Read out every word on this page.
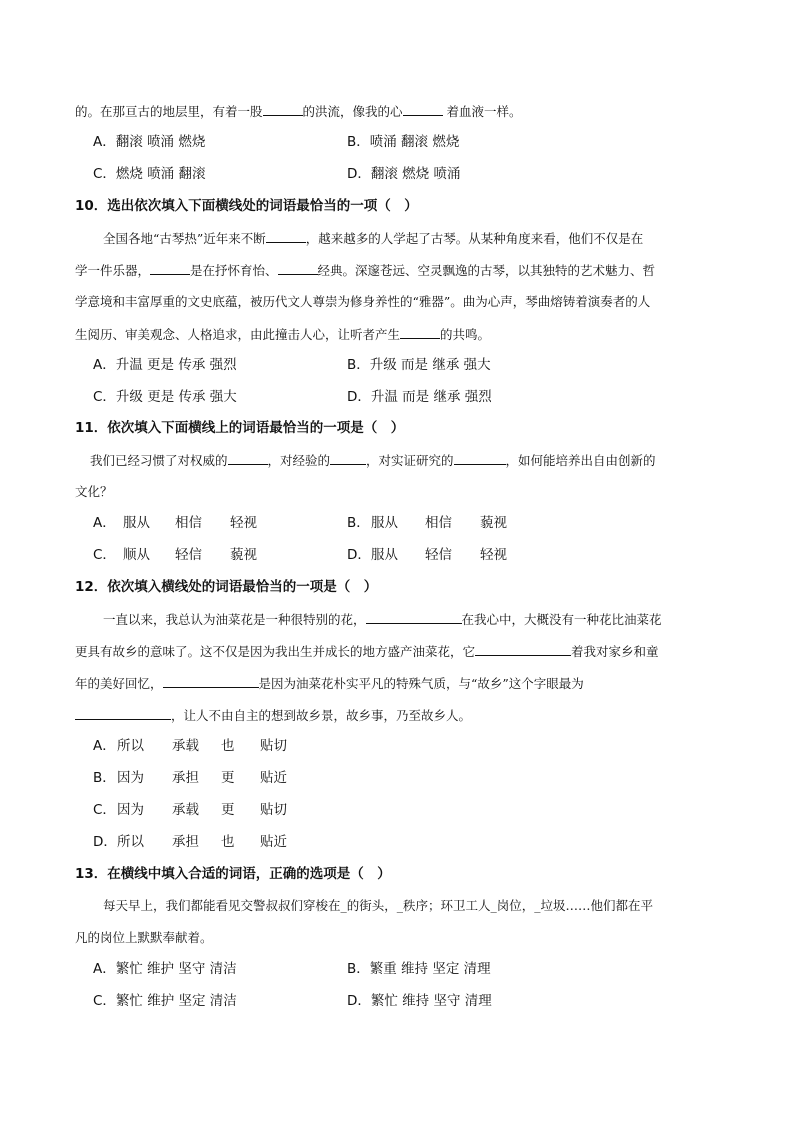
的。在那亘古的地层里，有着一股	的洪流，像我的心	着血液一样。
A．翻滚 喷涌 燃烧	B．喷涌 翻滚 燃烧
C．燃烧 喷涌 翻滚	D．翻滚 燃烧 喷涌
10．选出依次填入下面横线处的词语最恰当的一项（　）
全国各地“古琴热”近年来不断	，越来越多的人学起了古琴。从某种角度来看，他们不仅是在
学一件乐器，	是在抒怀育怡、	经典。深邃苍远、空灵飘逸的古琴，以其独特的艺术魅力、哲
学意境和丰富厚重的文史底蕴，被历代文人尊崇为修身养性的“雅器”。曲为心声，琴曲熔铸着演奏者的人
生阅历、审美观念、人格追求，由此撞击人心，让听者产生	的共鸣。
A．升温 更是 传承 强烈	B．升级 而是 继承 强大
C．升级 更是 传承 强大	D．升温 而是 继承 强烈
11．依次填入下面横线上的词语最恰当的一项是（　）
我们已经习惯了对权威的	，对经验的	，对实证研究的	，如何能培养出自由创新的
文化？
A． 服从 相信 轻视	B． 服从 相信 藐视
C． 顺从 轻信 藐视	D． 服从 轻信 轻视
12．依次填入横线处的词语最恰当的一项是（　）
一直以来，我总认为油菜花是一种很特别的花，	在我心中，大概没有一种花比油菜花
更具有故乡的意味了。这不仅是因为我出生并成长的地方盛产油菜花，它	着我对家乡和童
年的美好回忆，	是因为油菜花朴实平凡的特殊气质，与“故乡”这个字眼最为
，让人不由自主的想到故乡景，故乡事，乃至故乡人。
A． 所以 承载 也 贴切
B． 因为 承担 更 贴近
C． 因为 承载 更 贴切
D． 所以 承担 也 贴近
13．在横线中填入合适的词语，正确的选项是（　）
每天早上，我们都能看见交警叔叔们穿梭在_的街头，_秩序；环卫工人_岗位，_垃圾……他们都在平
凡的岗位上默默奉献着。
A．繁忙 维护 坚守 清洁	B．繁重 维持 坚定 清理
C．繁忙 维护 坚定 清洁	D．繁忙 维持 坚守 清理
